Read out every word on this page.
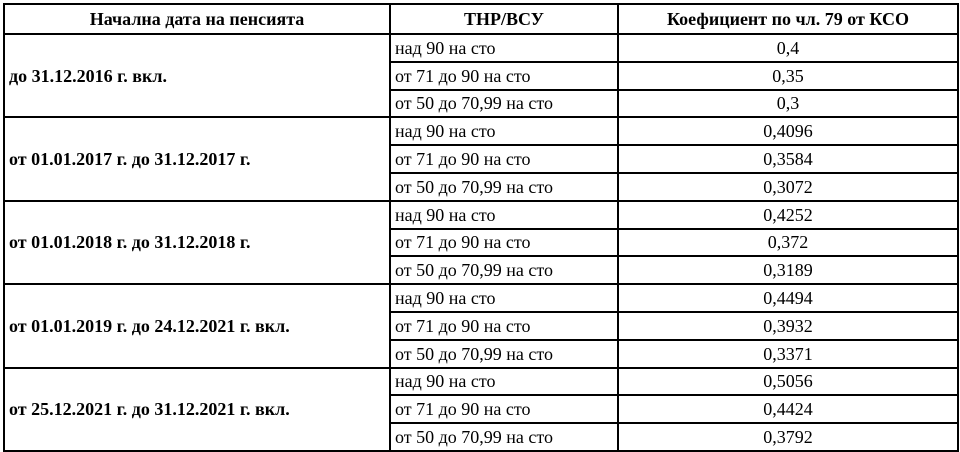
Начална дата на пенсията	ТНР/ВСУ	Коефициент по чл. 79 от КСО
до 31.12.2016 г. вкл.	над 90 на сто	0,4
	от 71 до 90 на сто	0,35
	от 50 до 70,99 на сто	0,3
от 01.01.2017 г. до 31.12.2017 г.	над 90 на сто	0,4096
	от 71 до 90 на сто	0,3584
	от 50 до 70,99 на сто	0,3072
от 01.01.2018 г. до 31.12.2018 г.	над 90 на сто	0,4252
	от 71 до 90 на сто	0,372
	от 50 до 70,99 на сто	0,3189
от 01.01.2019 г. до 24.12.2021 г. вкл.	над 90 на сто	0,4494
	от 71 до 90 на сто	0,3932
	от 50 до 70,99 на сто	0,3371
от 25.12.2021 г. до 31.12.2021 г. вкл.	над 90 на сто	0,5056
	от 71 до 90 на сто	0,4424
	от 50 до 70,99 на сто	0,3792
